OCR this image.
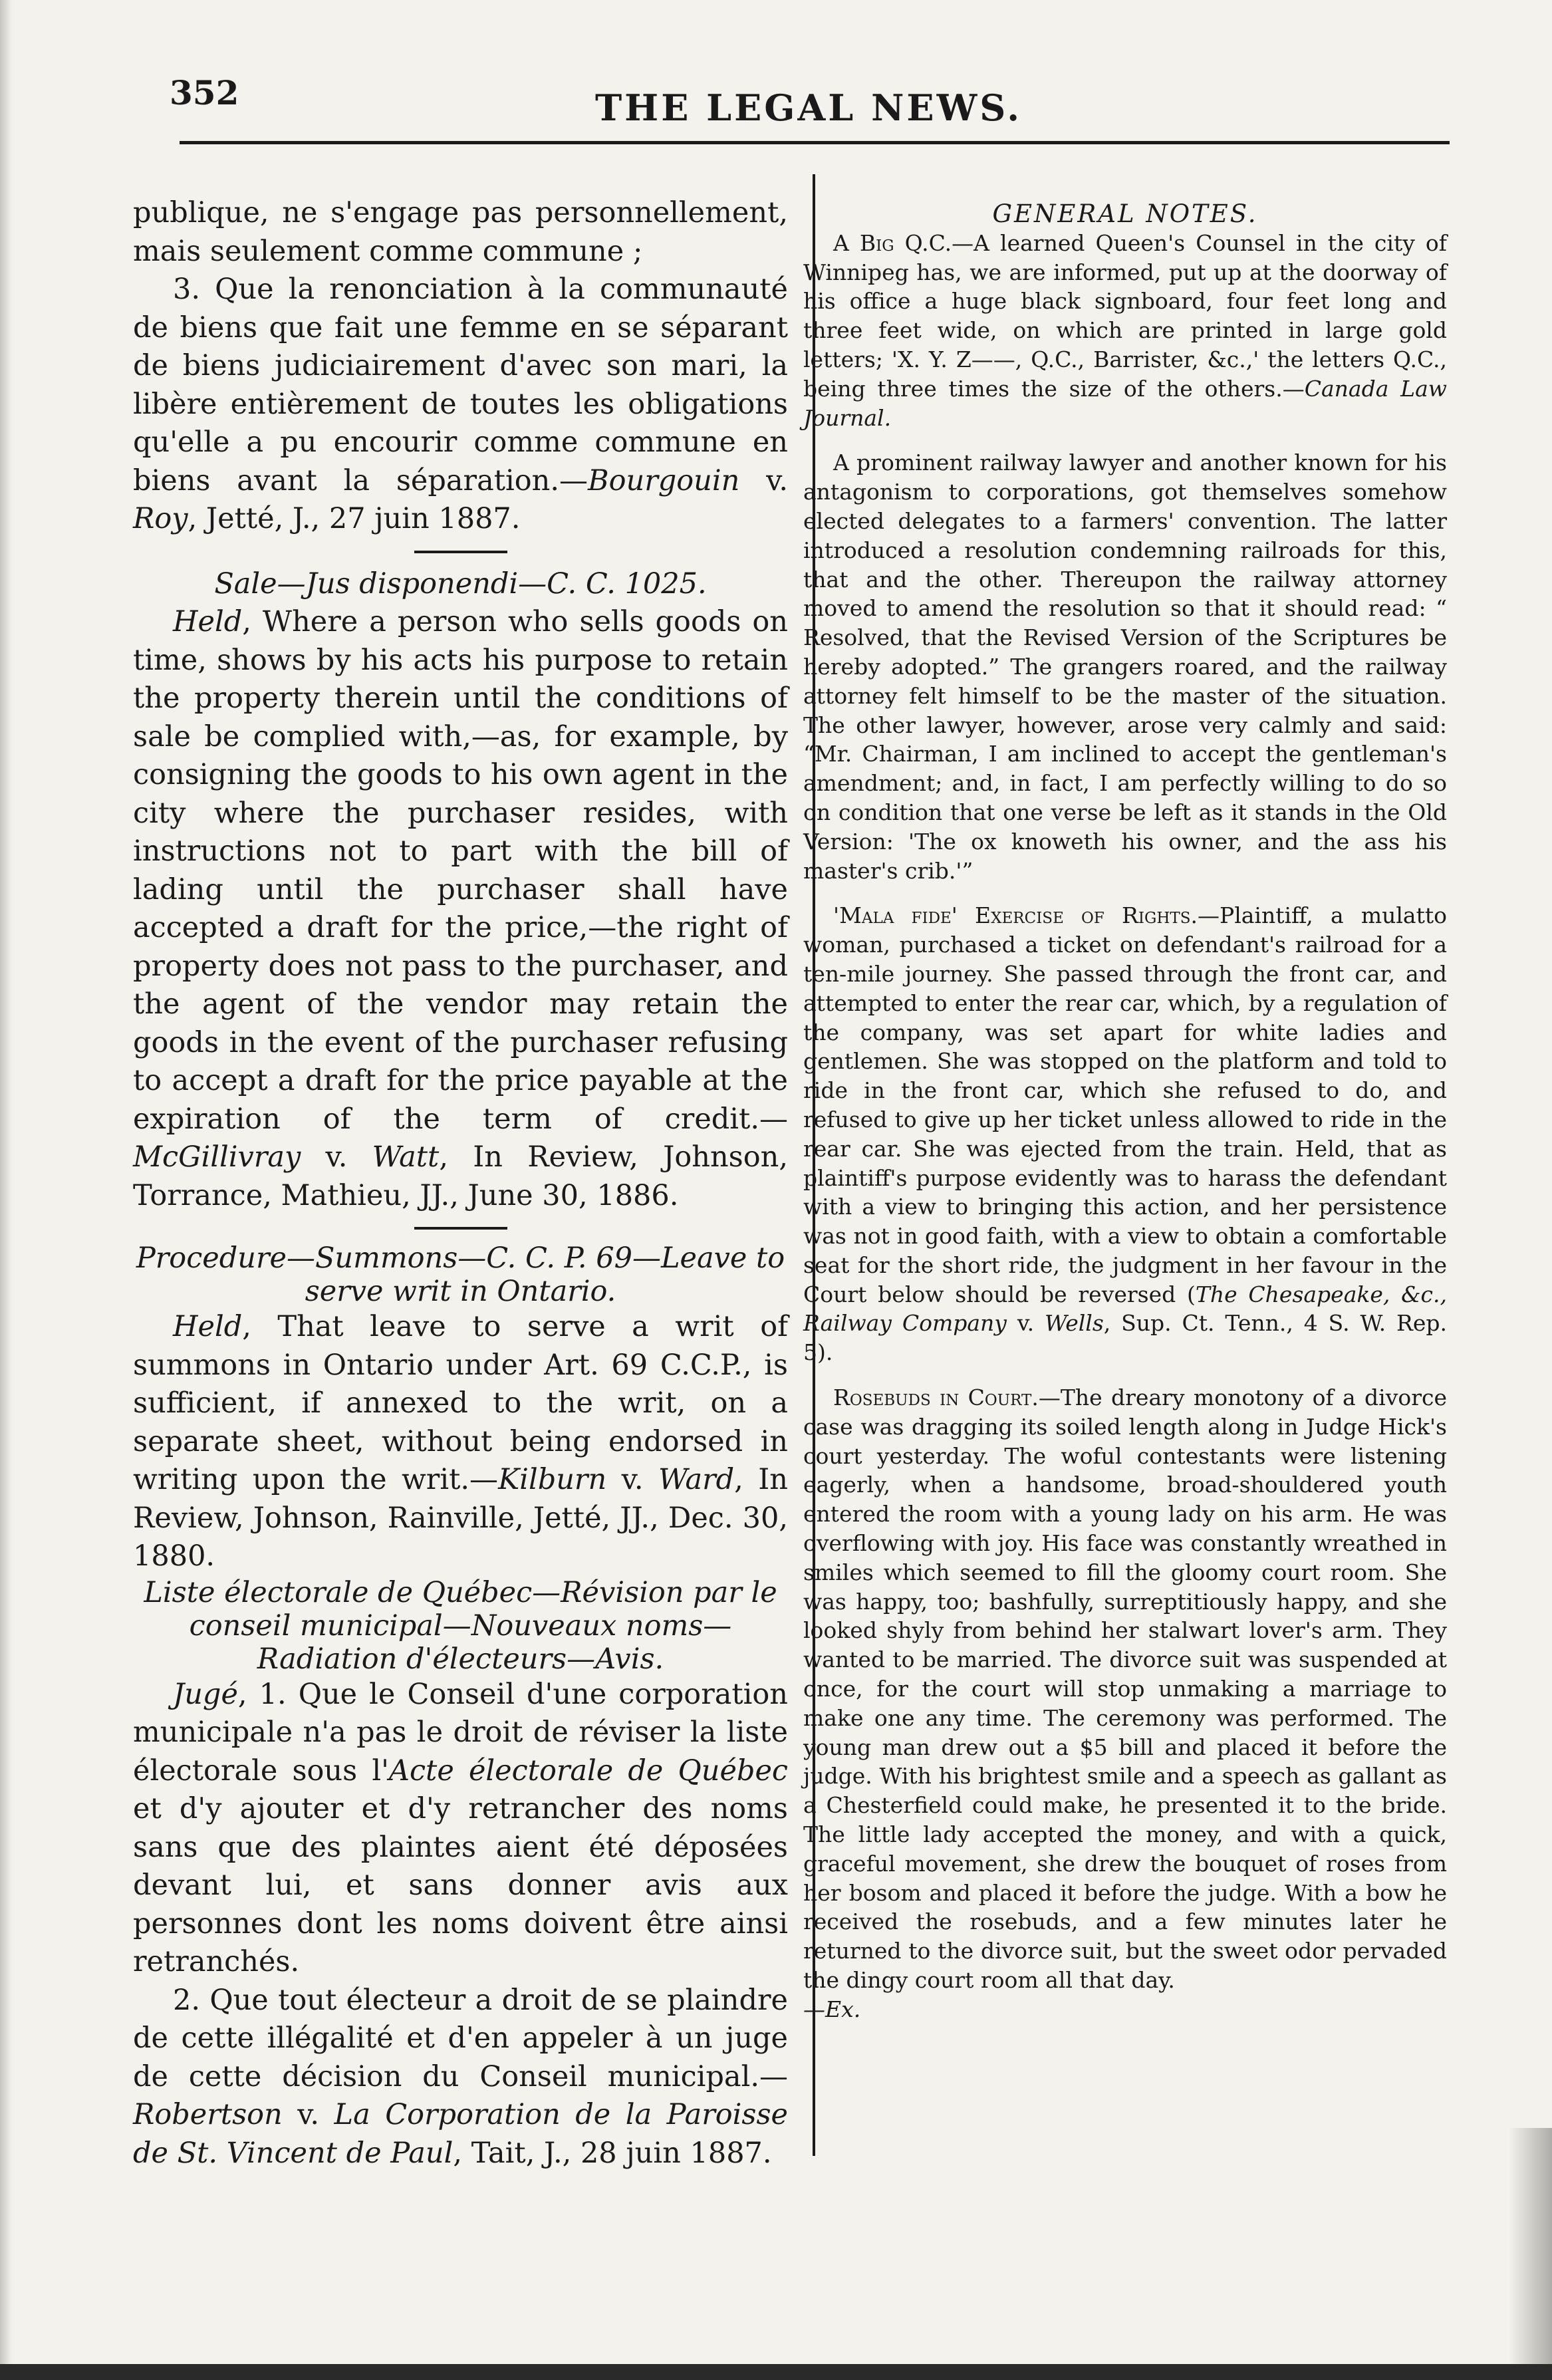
352	THE LEGAL NEWS.

publique, ne s'engage pas personnellement, mais seulement comme commune ;

3. Que la renonciation à la communauté de biens que fait une femme en se séparant de biens judiciairement d'avec son mari, la libère entièrement de toutes les obligations qu'elle a pu encourir comme commune en biens avant la séparation.—Bourgouin v. Roy, Jetté, J., 27 juin 1887.

Sale—Jus disponendi—C. C. 1025.

Held, Where a person who sells goods on time, shows by his acts his purpose to retain the property therein until the conditions of sale be complied with,—as, for example, by consigning the goods to his own agent in the city where the purchaser resides, with instructions not to part with the bill of lading until the purchaser shall have accepted a draft for the price,—the right of property does not pass to the purchaser, and the agent of the vendor may retain the goods in the event of the purchaser refusing to accept a draft for the price payable at the expiration of the term of credit.—McGillivray v. Watt, In Review, Johnson, Torrance, Mathieu, JJ., June 30, 1886.

Procedure—Summons—C. C. P. 69—Leave to serve writ in Ontario.

Held, That leave to serve a writ of summons in Ontario under Art. 69 C.C.P., is sufficient, if annexed to the writ, on a separate sheet, without being endorsed in writing upon the writ.—Kilburn v. Ward, In Review, Johnson, Rainville, Jetté, JJ., Dec. 30, 1880.

Liste électorale de Québec—Révision par le conseil municipal—Nouveaux noms—Radiation d'électeurs—Avis.

Jugé, 1. Que le Conseil d'une corporation municipale n'a pas le droit de réviser la liste électorale sous l'Acte électorale de Québec et d'y ajouter et d'y retrancher des noms sans que des plaintes aient été déposées devant lui, et sans donner avis aux personnes dont les noms doivent être ainsi retranchés.

2. Que tout électeur a droit de se plaindre de cette illégalité et d'en appeler à un juge de cette décision du Conseil municipal.—Robertson v. La Corporation de la Paroisse de St. Vincent de Paul, Tait, J., 28 juin 1887.

GENERAL NOTES.

A Big Q.C.—A learned Queen's Counsel in the city of Winnipeg has, we are informed, put up at the doorway of his office a huge black signboard, four feet long and three feet wide, on which are printed in large gold letters; 'X. Y. Z——, Q.C., Barrister, &c.,' the letters Q.C., being three times the size of the others.—Canada Law Journal.

A prominent railway lawyer and another known for his antagonism to corporations, got themselves somehow elected delegates to a farmers' convention. The latter introduced a resolution condemning railroads for this, that and the other. Thereupon the railway attorney moved to amend the resolution so that it should read: “ Resolved, that the Revised Version of the Scriptures be hereby adopted.” The grangers roared, and the railway attorney felt himself to be the master of the situation. The other lawyer, however, arose very calmly and said: “Mr. Chairman, I am inclined to accept the gentleman's amendment; and, in fact, I am perfectly willing to do so on condition that one verse be left as it stands in the Old Version: 'The ox knoweth his owner, and the ass his master's crib.'”

'Mala fide' Exercise of Rights.—Plaintiff, a mulatto woman, purchased a ticket on defendant's railroad for a ten-mile journey. She passed through the front car, and attempted to enter the rear car, which, by a regulation of the company, was set apart for white ladies and gentlemen. She was stopped on the platform and told to ride in the front car, which she refused to do, and refused to give up her ticket unless allowed to ride in the rear car. She was ejected from the train. Held, that as plaintiff's purpose evidently was to harass the defendant with a view to bringing this action, and her persistence was not in good faith, with a view to obtain a comfortable seat for the short ride, the judgment in her favour in the Court below should be reversed (The Chesapeake, &c., Railway Company v. Wells, Sup. Ct. Tenn., 4 S. W. Rep. 5).

Rosebuds in Court.—The dreary monotony of a divorce case was dragging its soiled length along in Judge Hick's court yesterday. The woful contestants were listening eagerly, when a handsome, broad-shouldered youth entered the room with a young lady on his arm. He was overflowing with joy. His face was constantly wreathed in smiles which seemed to fill the gloomy court room. She was happy, too; bashfully, surreptitiously happy, and she looked shyly from behind her stalwart lover's arm. They wanted to be married. The divorce suit was suspended at once, for the court will stop unmaking a marriage to make one any time. The ceremony was performed. The young man drew out a $5 bill and placed it before the judge. With his brightest smile and a speech as gallant as a Chesterfield could make, he presented it to the bride. The little lady accepted the money, and with a quick, graceful movement, she drew the bouquet of roses from her bosom and placed it before the judge. With a bow he received the rosebuds, and a few minutes later he returned to the divorce suit, but the sweet odor pervaded the dingy court room all that day.

—Ex.
